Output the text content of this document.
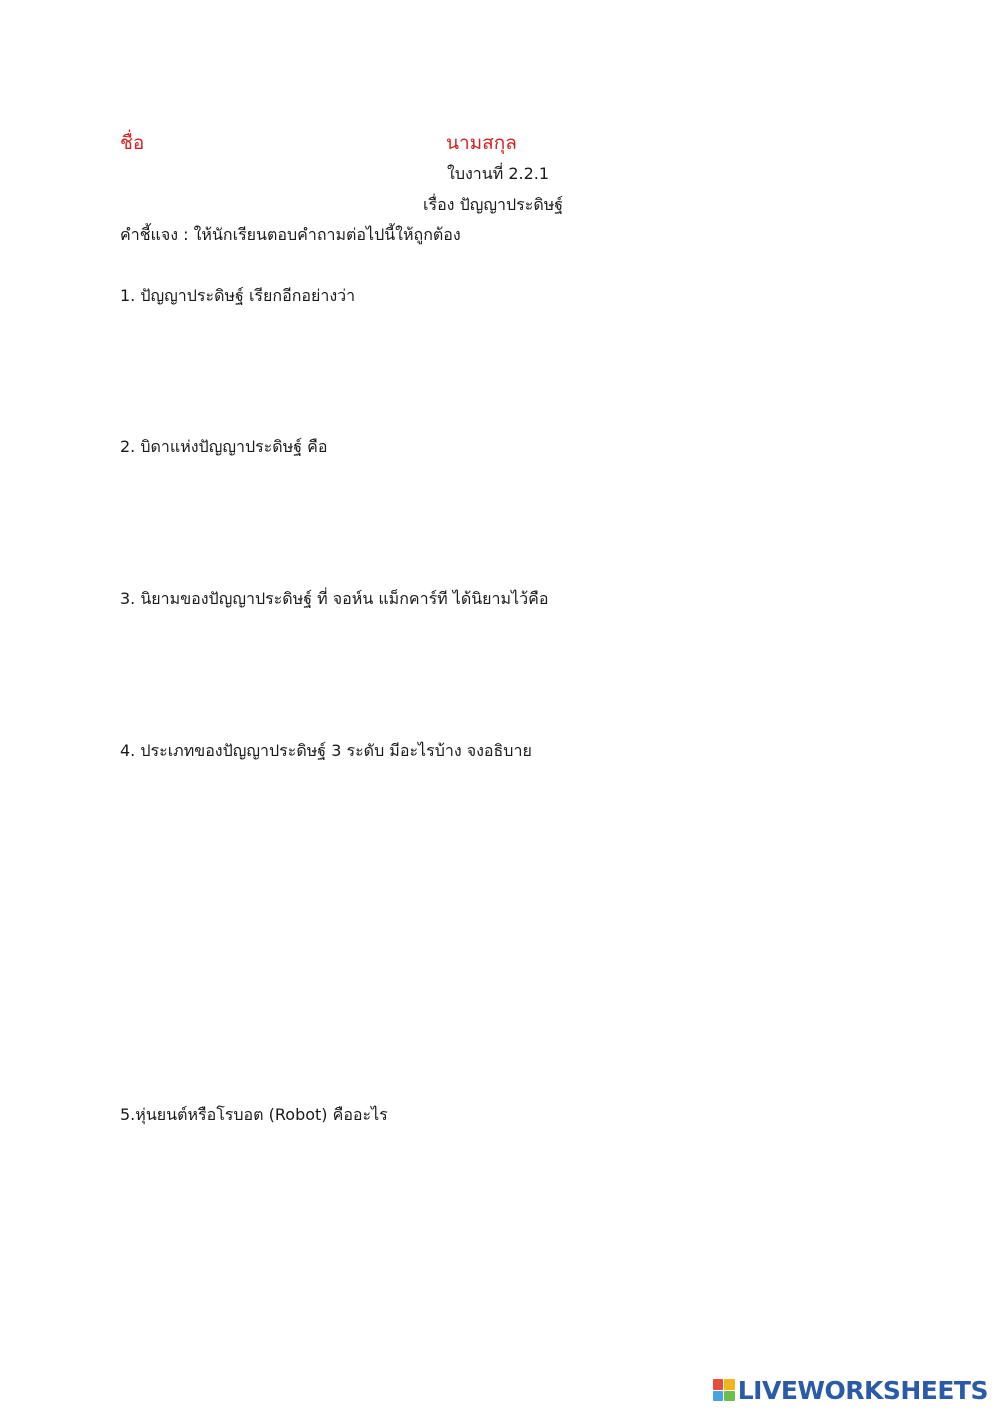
ชื่อ	นามสกุล
ใบงานที่ 2.2.1
เรื่อง ปัญญาประดิษฐ์
คำชี้แจง : ให้นักเรียนตอบคำถามต่อไปนี้ให้ถูกต้อง
1. ปัญญาประดิษฐ์ เรียกอีกอย่างว่า
2. บิดาแห่งปัญญาประดิษฐ์ คือ
3. นิยามของปัญญาประดิษฐ์ ที่ จอห์น แม็กคาร์ที ได้นิยามไว้คือ
4. ประเภทของปัญญาประดิษฐ์ 3 ระดับ มีอะไรบ้าง จงอธิบาย
5.หุ่นยนต์หรือโรบอต (Robot) คืออะไร
LIVEWORKSHEETS
